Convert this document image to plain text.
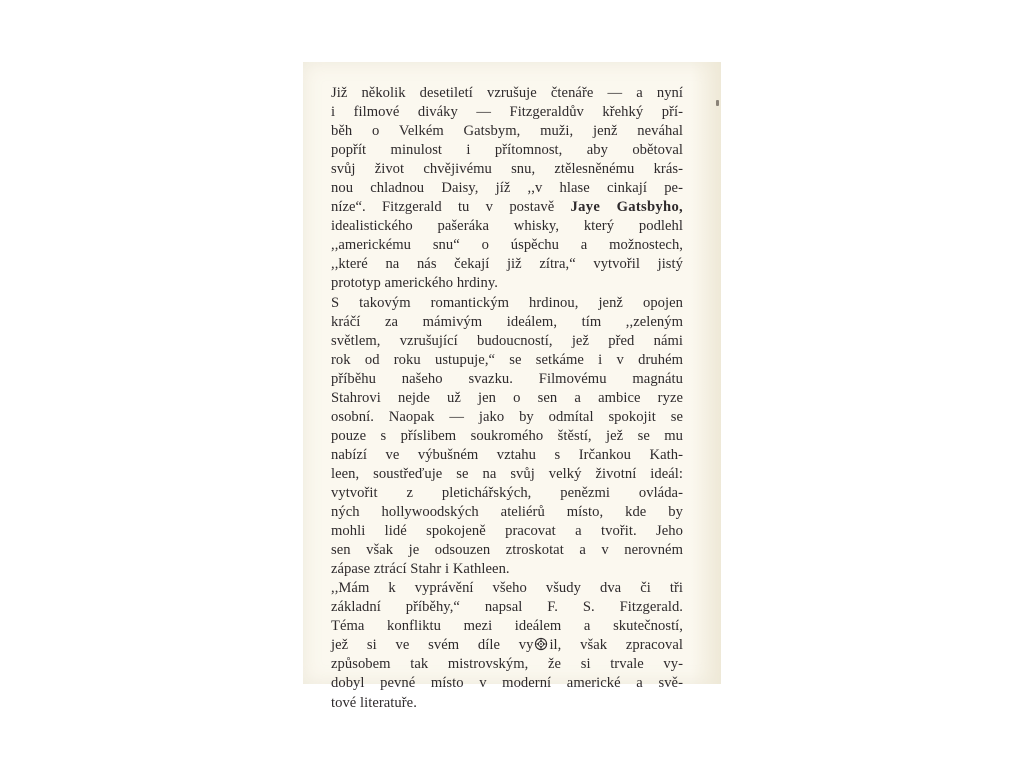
Již několik desetiletí vzrušuje čtenáře — a nyní
i filmové diváky — Fitzgeraldův křehký pří-
běh o Velkém Gatsbym, muži, jenž neváhal
popřít minulost i přítomnost, aby obětoval
svůj život chvějivému snu, ztělesněnému krás-
nou chladnou Daisy, jíž ,,v hlase cinkají pe-
níze“. Fitzgerald tu v postavě Jaye Gatsbyho,
idealistického pašeráka whisky, který podlehl
,,americkému snu“ o úspěchu a možnostech,
,,které na nás čekají již zítra,“ vytvořil jistý
prototyp amerického hrdiny.
S takovým romantickým hrdinou, jenž opojen
kráčí za mámivým ideálem, tím ,,zeleným
světlem, vzrušující budoucností, jež před námi
rok od roku ustupuje,“ se setkáme i v druhém
příběhu našeho svazku. Filmovému magnátu
Stahrovi nejde už jen o sen a ambice ryze
osobní. Naopak — jako by odmítal spokojit se
pouze s příslibem soukromého štěstí, jež se mu
nabízí ve výbušném vztahu s Irčankou Kath-
leen, soustřeďuje se na svůj velký životní ideál:
vytvořit z pletichářských, penězmi ovláda-
ných hollywoodských ateliérů místo, kde by
mohli lidé spokojeně pracovat a tvořit. Jeho
sen však je odsouzen ztroskotat a v nerovném
zápase ztrácí Stahr i Kathleen.
,,Mám k vyprávění všeho všudy dva či tři
základní příběhy,“ napsal F. S. Fitzgerald.
Téma konfliktu mezi ideálem a skutečností,
jež si ve svém díle vy il, však zpracoval
způsobem tak mistrovským, že si trvale vy-
dobyl pevné místo v moderní americké a svě-
tové literatuře.
